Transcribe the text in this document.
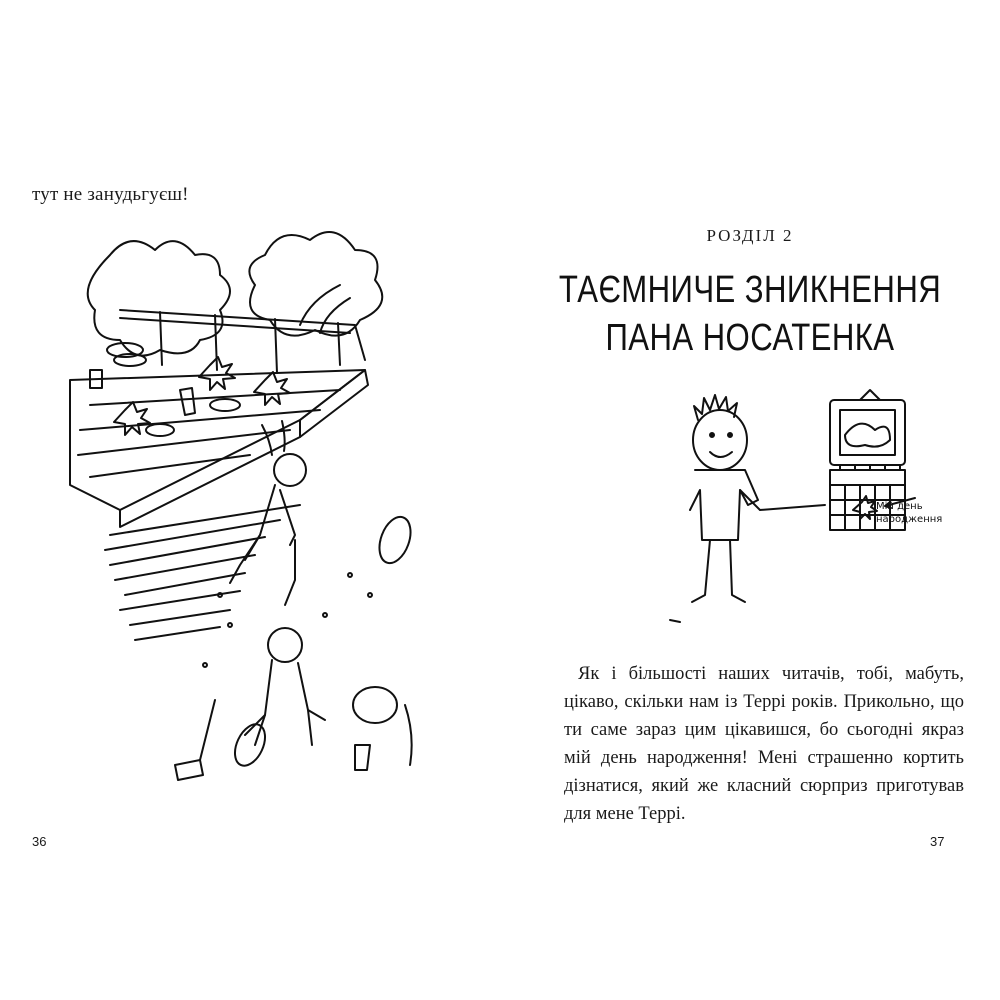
тут не занудьгуєш!
36
РОЗДІЛ 2
ТАЄМНИЧЕ ЗНИКНЕННЯ
ПАНА НОСАТЕНКА
Мій день
народження
Як і більшості наших читачів, тобі, мабуть, цікаво, скільки нам із Террі років. Прикольно, що ти саме зараз цим цікавишся, бо сьогодні якраз мій день народження! Мені страшенно кортить дізнатися, який же класний сюрприз приготував для мене Террі.
37
